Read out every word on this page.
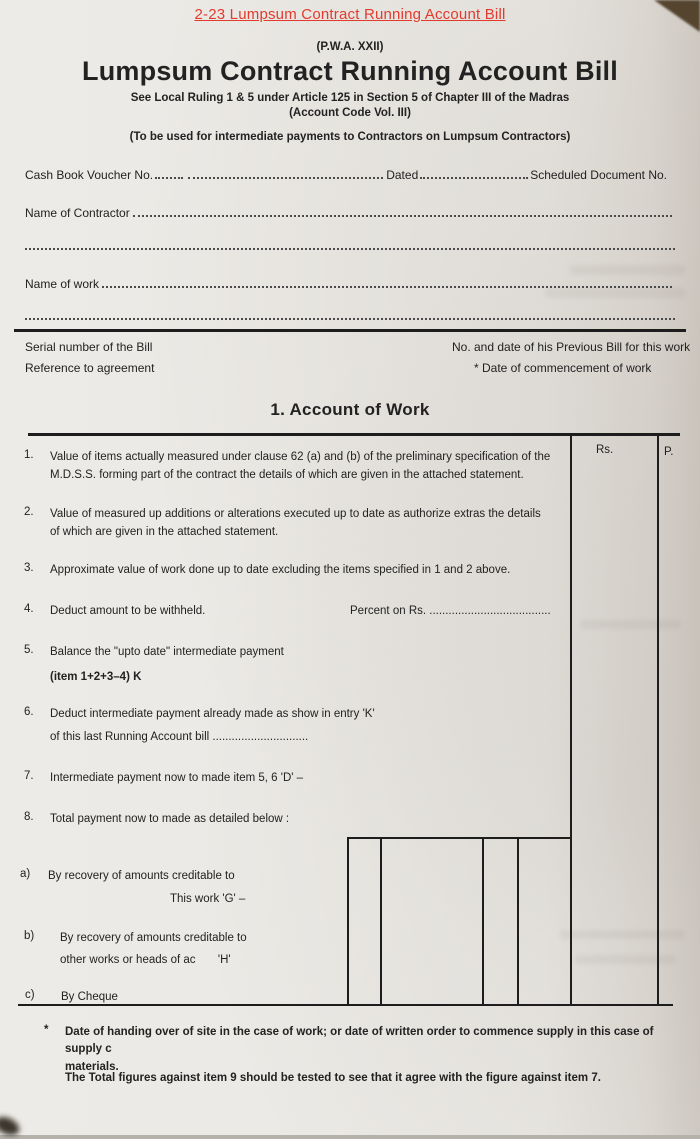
2-23 Lumpsum Contract Running Account Bill
(P.W.A. XXII)
Lumpsum Contract Running Account Bill
See Local Ruling 1 & 5 under Article 125 in Section 5 of Chapter III of the Madras
(Account Code Vol. III)
(To be used for intermediate payments to Contractors on Lumpsum Contractors)
Cash Book Voucher No.	Dated	Scheduled Document No.
Name of Contractor
Name of work
Serial number of the Bill	No. and date of his Previous Bill for this work
Reference to agreement	* Date of commencement of work
1. Account of Work
Rs.	P.
1. Value of items actually measured under clause 62 (a) and (b) of the preliminary specification of the M.D.S.S. forming part of the contract the details of which are given in the attached statement.
2. Value of measured up additions or alterations executed up to date as authorize extras the details of which are given in the attached statement.
3. Approximate value of work done up to date excluding the items specified in 1 and 2 above.
4. Deduct amount to be withheld.	Percent on Rs. ......................................
5. Balance the "upto date" intermediate payment
(item 1+2+3–4) K
6. Deduct intermediate payment already made as show in entry 'K'
of this last Running Account bill ..............................
7. Intermediate payment now to made item 5, 6 'D' –
8. Total payment now to made as detailed below :
a) By recovery of amounts creditable to
This work 'G' –
b) By recovery of amounts creditable to
other works or heads of ac       'H'
c) By Cheque
* Date of handing over of site in the case of work; or date of written order to commence supply in this case of supply c
materials.
The Total figures against item 9 should be tested to see that it agree with the figure against item 7.
